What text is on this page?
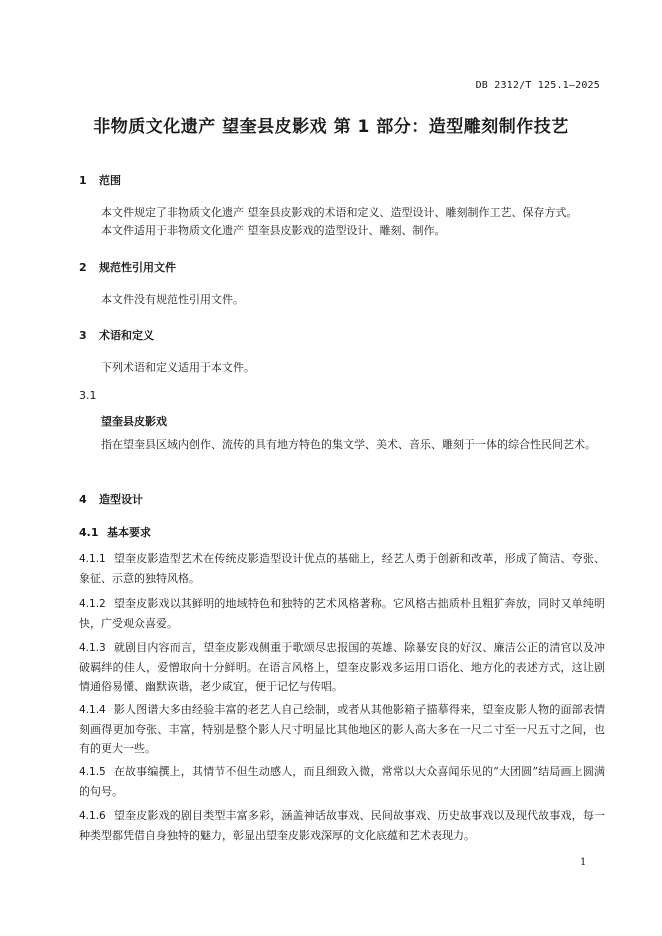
DB 2312/T 125.1—2025
非物质文化遗产 望奎县皮影戏 第 1 部分：造型雕刻制作技艺
1 范围
本文件规定了非物质文化遗产 望奎县皮影戏的术语和定义、造型设计、雕刻制作工艺、保存方式。
本文件适用于非物质文化遗产 望奎县皮影戏的造型设计、雕刻、制作。
2 规范性引用文件
本文件没有规范性引用文件。
3 术语和定义
下列术语和定义适用于本文件。
3.1
望奎县皮影戏
指在望奎县区域内创作、流传的具有地方特色的集文学、美术、音乐、雕刻于一体的综合性民间艺术。
4 造型设计
4.1 基本要求
4.1.1 望奎皮影造型艺术在传统皮影造型设计优点的基础上，经艺人勇于创新和改革，形成了简洁、夸张、象征、示意的独特风格。
4.1.2 望奎皮影戏以其鲜明的地域特色和独特的艺术风格著称。它风格古拙质朴且粗犷奔放，同时又单纯明快，广受观众喜爱。
4.1.3 就剧目内容而言，望奎皮影戏侧重于歌颂尽忠报国的英雄、除暴安良的好汉、廉洁公正的清官以及冲破羁绊的佳人，爱憎取向十分鲜明。在语言风格上，望奎皮影戏多运用口语化、地方化的表述方式，这让剧情通俗易懂、幽默诙谐，老少咸宜，便于记忆与传唱。
4.1.4 影人图谱大多由经验丰富的老艺人自己绘制，或者从其他影箱子描摹得来，望奎皮影人物的面部表情刻画得更加夸张、丰富，特别是整个影人尺寸明显比其他地区的影人高大多在一尺二寸至一尺五寸之间，也有的更大一些。
4.1.5 在故事编撰上，其情节不但生动感人，而且细致入微，常常以大众喜闻乐见的“大团圆”结局画上圆满的句号。
4.1.6 望奎皮影戏的剧目类型丰富多彩，涵盖神话故事戏、民间故事戏、历史故事戏以及现代故事戏，每一种类型都凭借自身独特的魅力，彰显出望奎皮影戏深厚的文化底蕴和艺术表现力。
1
